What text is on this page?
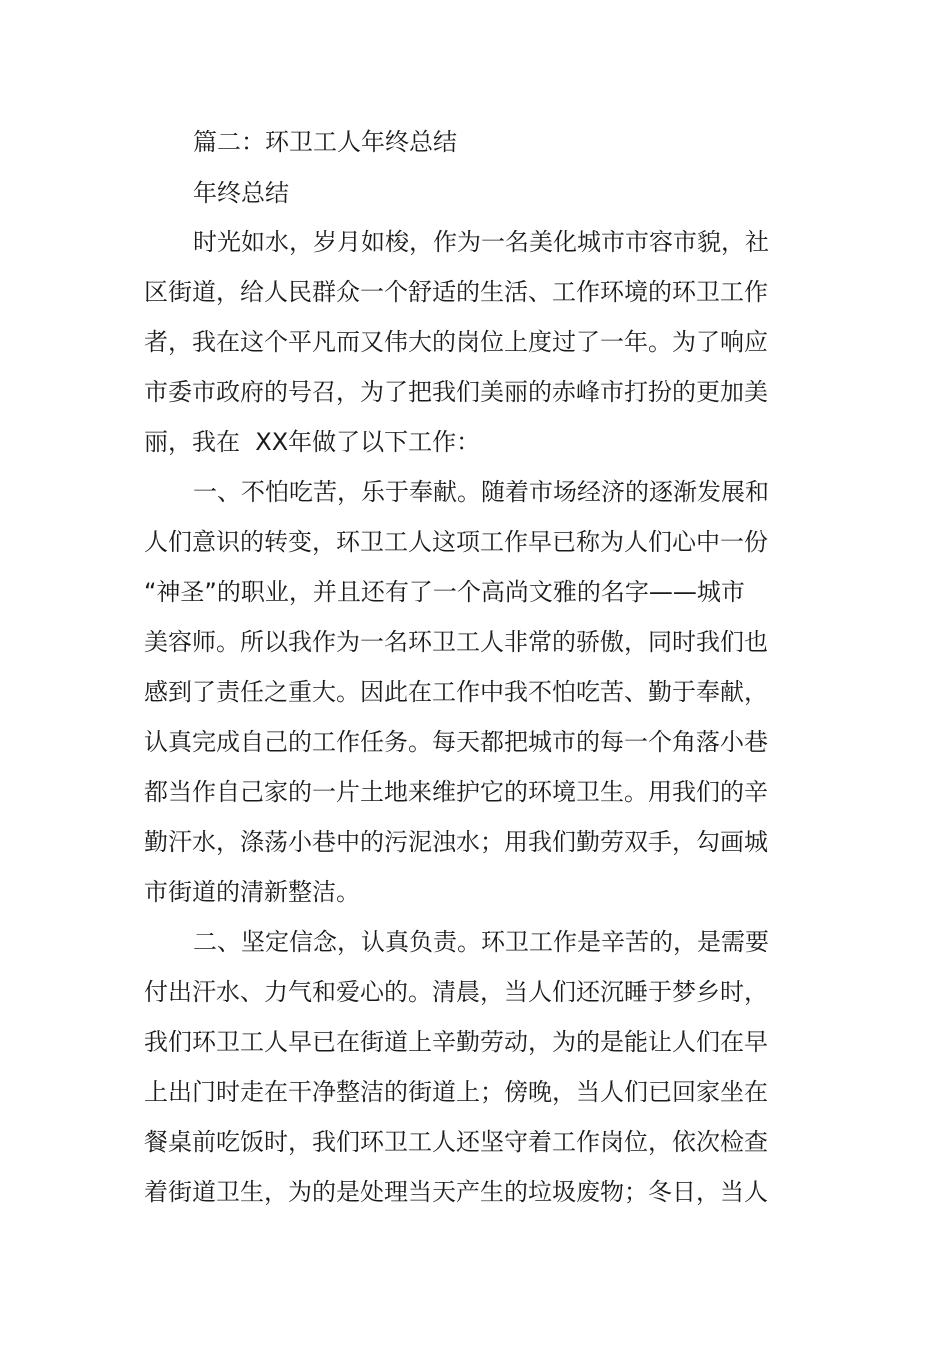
篇二：环卫工人年终总结
年终总结
时光如水，岁月如梭，作为一名美化城市市容市貌，社
区街道，给人民群众一个舒适的生活、工作环境的环卫工作
者，我在这个平凡而又伟大的岗位上度过了一年。为了响应
市委市政府的号召，为了把我们美丽的赤峰市打扮的更加美
丽，我在  XX年做了以下工作：
一、不怕吃苦，乐于奉献。随着市场经济的逐渐发展和
人们意识的转变，环卫工人这项工作早已称为人们心中一份
“神圣”的职业，并且还有了一个高尚文雅的名字——城市
美容师。所以我作为一名环卫工人非常的骄傲，同时我们也
感到了责任之重大。因此在工作中我不怕吃苦、勤于奉献，
认真完成自己的工作任务。每天都把城市的每一个角落小巷
都当作自己家的一片土地来维护它的环境卫生。用我们的辛
勤汗水，涤荡小巷中的污泥浊水；用我们勤劳双手，勾画城
市街道的清新整洁。
二、坚定信念，认真负责。环卫工作是辛苦的，是需要
付出汗水、力气和爱心的。清晨，当人们还沉睡于梦乡时，
我们环卫工人早已在街道上辛勤劳动，为的是能让人们在早
上出门时走在干净整洁的街道上；傍晚，当人们已回家坐在
餐桌前吃饭时，我们环卫工人还坚守着工作岗位，依次检查
着街道卫生，为的是处理当天产生的垃圾废物；冬日，当人
